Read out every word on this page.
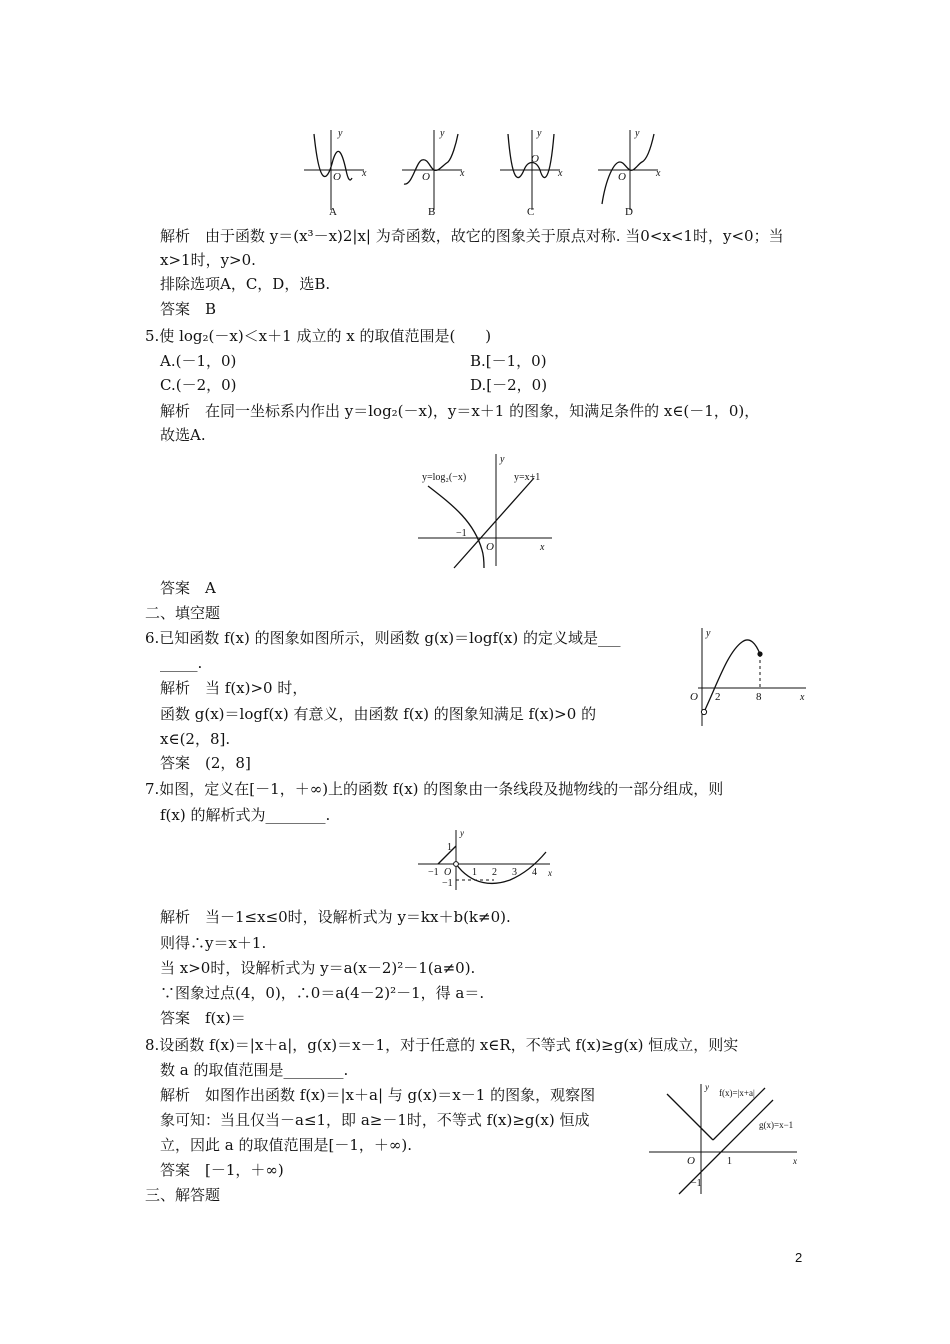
y
x
O
A
y
x
O
B
y
x
O
C
y
x
O
D
解析　由于函数 y＝(x³－x)2|x| 为奇函数，故它的图象关于原点对称. 当0<x<1时，y<0；当
x>1时，y>0.
排除选项A，C，D，选B.
答案　B
5.使 log₂(－x)＜x＋1 成立的 x 的取值范围是(　　)
A.(－1，0)	B.[－1，0)
C.(－2，0)	D.[－2，0)
解析　在同一坐标系内作出 y＝log₂(－x)，y＝x＋1 的图象，知满足条件的 x∈(－1，0)，
故选A.
y
x
O
y=log₂(−x)	y=x+1
−1
答案　A
二、填空题
6.已知函数 f(x) 的图象如图所示，则函数 g(x)＝logf(x) 的定义域是___
_____.
解析　当 f(x)>0 时，
函数 g(x)＝logf(x) 有意义，由函数 f(x) 的图象知满足 f(x)>0 的
x∈(2，8].
答案　(2，8]
y
x
O 2	8
7.如图，定义在[－1，＋∞)上的函数 f(x) 的图象由一条线段及抛物线的一部分组成，则
f(x) 的解析式为________.
y
x
O
1
−1
−1	1 2 3 4
解析　当－1≤x≤0时，设解析式为 y＝kx＋b(k≠0).
则得∴y＝x＋1.
当 x>0时，设解析式为 y＝a(x－2)²－1(a≠0).
∵图象过点(4，0)，∴0＝a(4－2)²－1，得 a＝.
答案　f(x)＝
8.设函数 f(x)＝|x＋a|，g(x)＝x－1，对于任意的 x∈R，不等式 f(x)≥g(x) 恒成立，则实
数 a 的取值范围是________.
解析　如图作出函数 f(x)＝|x＋a| 与 g(x)＝x－1 的图象，观察图
象可知：当且仅当－a≤1，即 a≥－1时，不等式 f(x)≥g(x) 恒成
立，因此 a 的取值范围是[－1，＋∞).
答案　[－1，＋∞)
y
x
O
f(x)=|x+a|
g(x)=x−1
1
−1
三、解答题
2
